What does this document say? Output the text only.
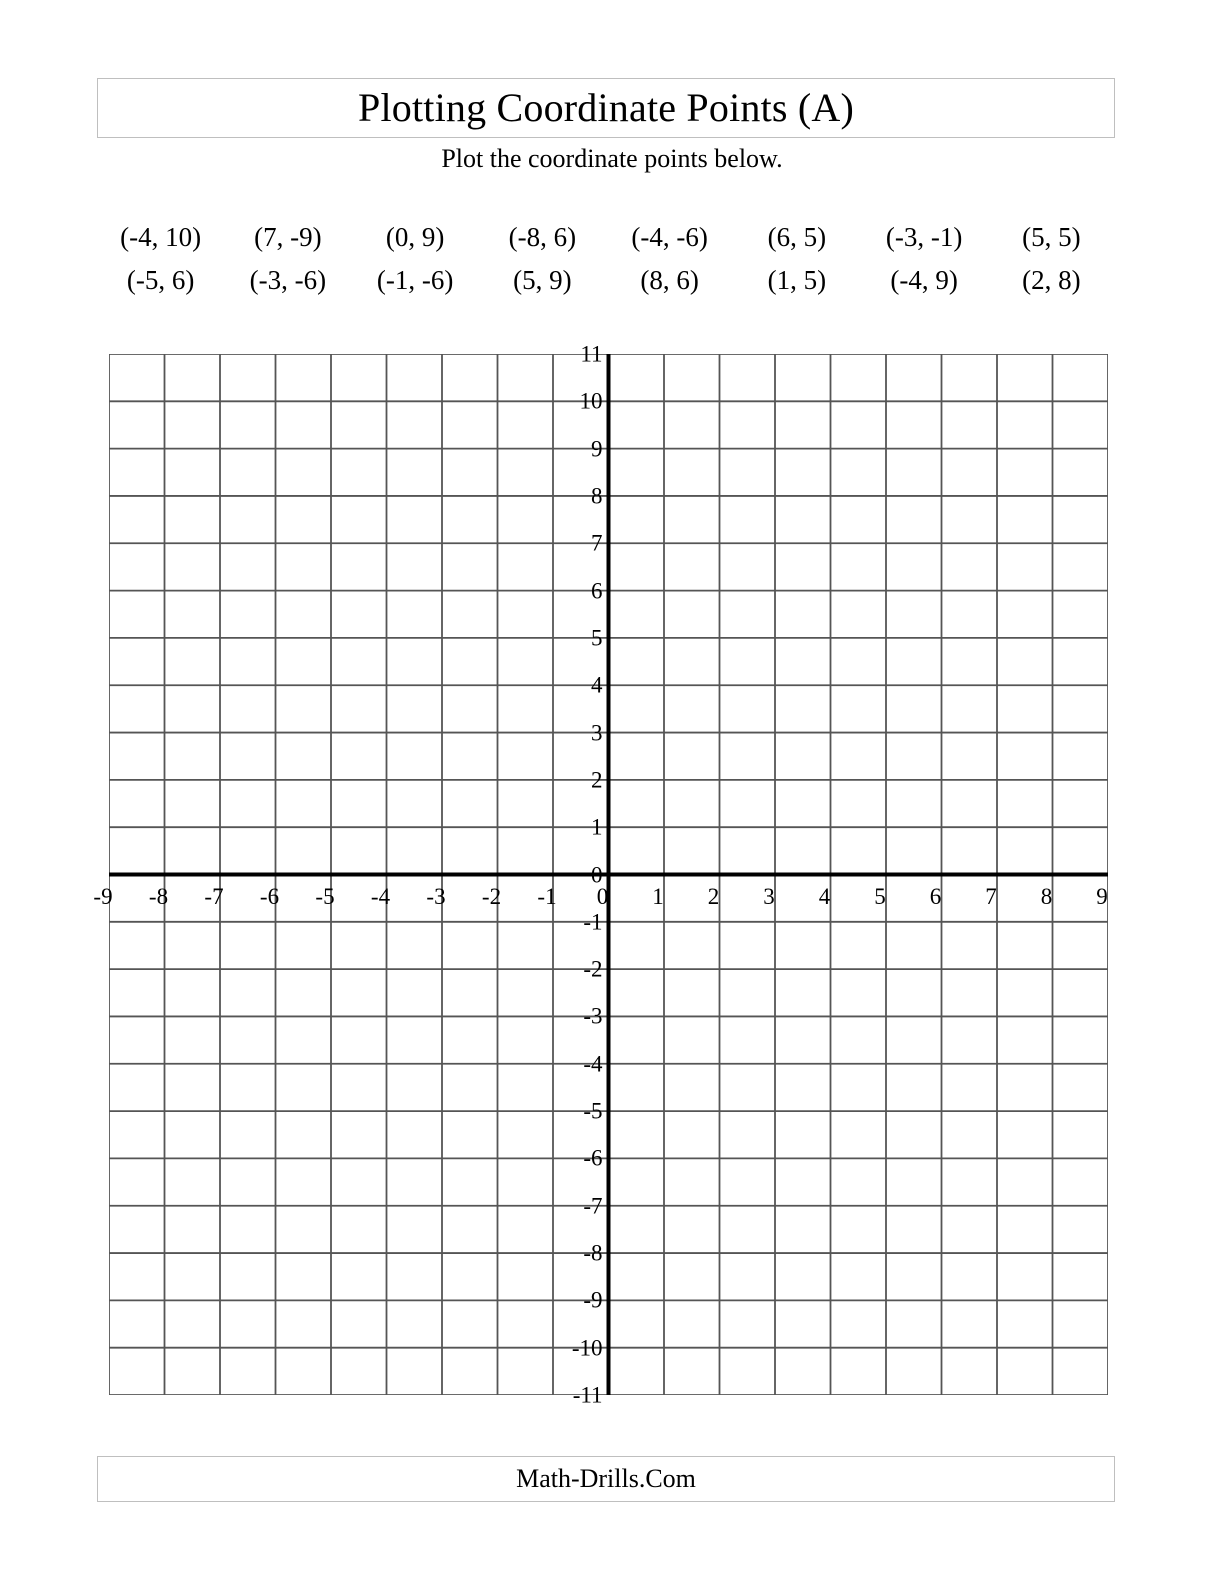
Plotting Coordinate Points (A)
Plot the coordinate points below.
(-4, 10)	(7, -9)	(0, 9)	(-8, 6)	(-4, -6)	(6, 5)	(-3, -1)	(5, 5)
(-5, 6)	(-3, -6)	(-1, -6)	(5, 9)	(8, 6)	(1, 5)	(-4, 9)	(2, 8)
11
10
9
8
7
6
5
4
3
2
1
0
-1
-2
-3
-4
-5
-6
-7
-8
-9
-10
-11
-9 -8 -7 -6 -5 -4 -3 -2 -1 0 1 2 3 4 5 6 7 8 9
Math-Drills.Com
